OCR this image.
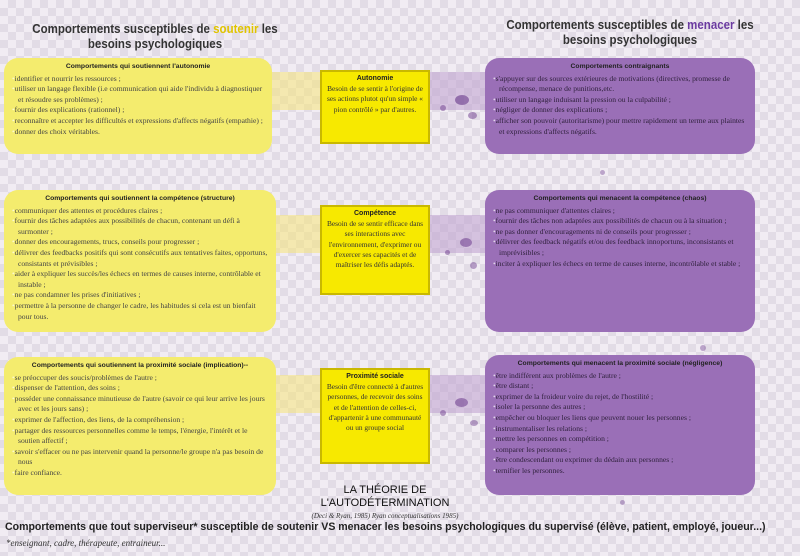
Comportements susceptibles de soutenir les besoins psychologiques
Comportements susceptibles de menacer les besoins psychologiques
Comportements qui soutiennent l'autonomie
• identifier et nourrir les ressources ;
• utiliser un langage flexible (i.e communication qui aide l'individu à diagnostiquer et résoudre ses problèmes) ;
• fournir des explications (rationnel) ;
• reconnaître et accepter les difficultés et expressions d'affects négatifs (empathie) ;
• donner des choix véritables.
Autonomie
Besoin de se sentir à l'origine de ses actions plutot qu'un simple « pion contrôlé » par d'autres.
Comportements contraignants
• s'appuyer sur des sources extérieures de motivations (directives, promesse de récompense, menace de punitions,etc.
• utiliser un langage induisant la pression ou la culpabilité ;
• négliger de donner des explications ;
• afficher son pouvoir (autoritarisme) pour mettre rapidement un terme aux plaintes et expressions d'affects négatifs.
Comportements qui soutiennent la compétence (structure)
• communiquer des attentes et procédures claires ;
• fournir des tâches adaptées aux possibilités de chacun, contenant un défi à surmonter ;
• donner des encouragements, trucs, conseils pour progresser ;
• délivrer des feedbacks positifs qui sont consécutifs aux tentatives faites, opportuns, consistants et prévisibles ;
• aider à expliquer les succès/les échecs en termes de causes interne, contrôlable et instable ;
• ne pas condamner les prises d'initiatives ;
• permettre à la personne de changer le cadre, les habitudes si cela est un bienfait pour tous.
Compétence
Besoin de se sentir efficace dans ses interactions avec l'environnement, d'exprimer ou d'exercer ses capacités et de maîtriser les défis adaptés.
Comportements qui menacent la compétence (chaos)
• ne pas communiquer d'attentes claires ;
• fournir des tâches non adaptées aux possibilités de chacun ou à la situation ;
• ne pas donner d'encouragements ni de conseils pour progresser ;
• délivrer des feedback négatifs et/ou des feedback innoportuns, inconsistants et imprévisibles ;
• inciter à expliquer les échecs en terme de causes interne, incontrôlable et stable ;
Comportements qui soutiennent la proximité sociale (implication)--
• se préoccuper des soucis/problèmes de l'autre ;
• dispenser de l'attention, des soins ;
• posséder une connaissance minutieuse de l'autre (savoir ce qui leur arrive les jours avec et les jours sans) ;
• exprimer de l'affection, des liens, de la compréhension ;
• partager des ressources personnelles comme le temps, l'énergie, l'intérêt et le soutien affectif ;
• savoir s'effacer ou ne pas intervenir quand la personne/le groupe n'a pas besoin de nous
• faire confiance.
Proximité sociale
Besoin d'être connecté à d'autres personnes, de recevoir des soins et de l'attention de celles-ci, d'appartenir à une communauté ou un groupe social
Comportements qui menacent la proximité sociale (négligence)
• être indifférent aux problèmes de l'autre ;
• être distant ;
• exprimer de la froideur voire du rejet, de l'hostilité ;
• isoler la personne des autres ;
• empêcher ou bloquer les liens que peuvent nouer les personnes ;
• instrumentaliser les relations ;
• mettre les personnes en compétition ;
• comparer les personnes ;
• être condescendant ou exprimer du dédain aux personnes ;
• ternifier les personnes.
LA THÉORIE DE
L'AUTODÉTERMINATION
(Deci & Ryan, 1985) Ryan conceptualisations 1985)
Comportements que tout superviseur* susceptible de soutenir VS menacer les besoins psychologiques du supervisé (élève, patient, employé, joueur...)
*enseignant, cadre, thérapeute, entraineur...
